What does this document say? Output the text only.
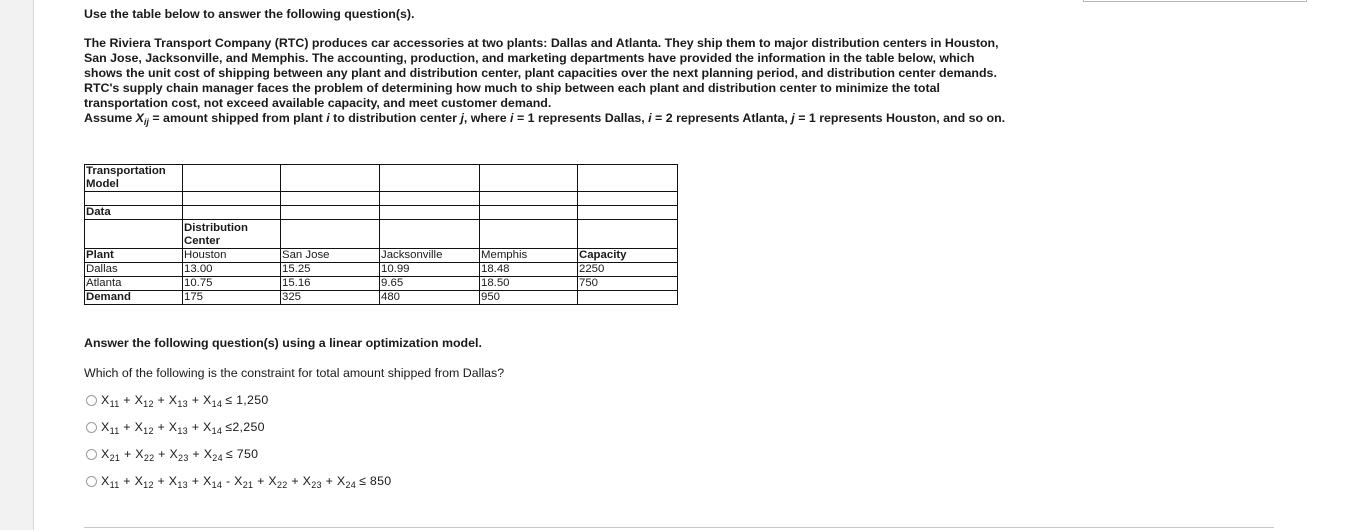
Use the table below to answer the following question(s).

The Riviera Transport Company (RTC) produces car accessories at two plants: Dallas and Atlanta. They ship them to major distribution centers in Houston, San Jose, Jacksonville, and Memphis. The accounting, production, and marketing departments have provided the information in the table below, which shows the unit cost of shipping between any plant and distribution center, plant capacities over the next planning period, and distribution center demands. RTC's supply chain manager faces the problem of determining how much to ship between each plant and distribution center to minimize the total transportation cost, not exceed available capacity, and meet customer demand.

Assume $X_{ij}$ = amount shipped from plant i to distribution center j, where i = 1 represents Dallas, i = 2 represents Atlanta, j = 1 represents Houston, and so on.

Transportation Model					

Data					
	Distribution Center				
Plant	Houston	San Jose	Jacksonville	Memphis	Capacity
Dallas	13.00	15.25	10.99	18.48	2250
Atlanta	10.75	15.16	9.65	18.50	750
Demand	175	325	480	950	

Answer the following question(s) using a linear optimization model.

Which of the following is the constraint for total amount shipped from Dallas?

$X_{11} + X_{12} + X_{13} + X_{14} \le 1,250$
$X_{11} + X_{12} + X_{13} + X_{14} \le 2,250$
$X_{21} + X_{22} + X_{23} + X_{24} \le 750$
$X_{11} + X_{12} + X_{13} + X_{14} - X_{21} + X_{22} + X_{23} + X_{24} \le 850$
